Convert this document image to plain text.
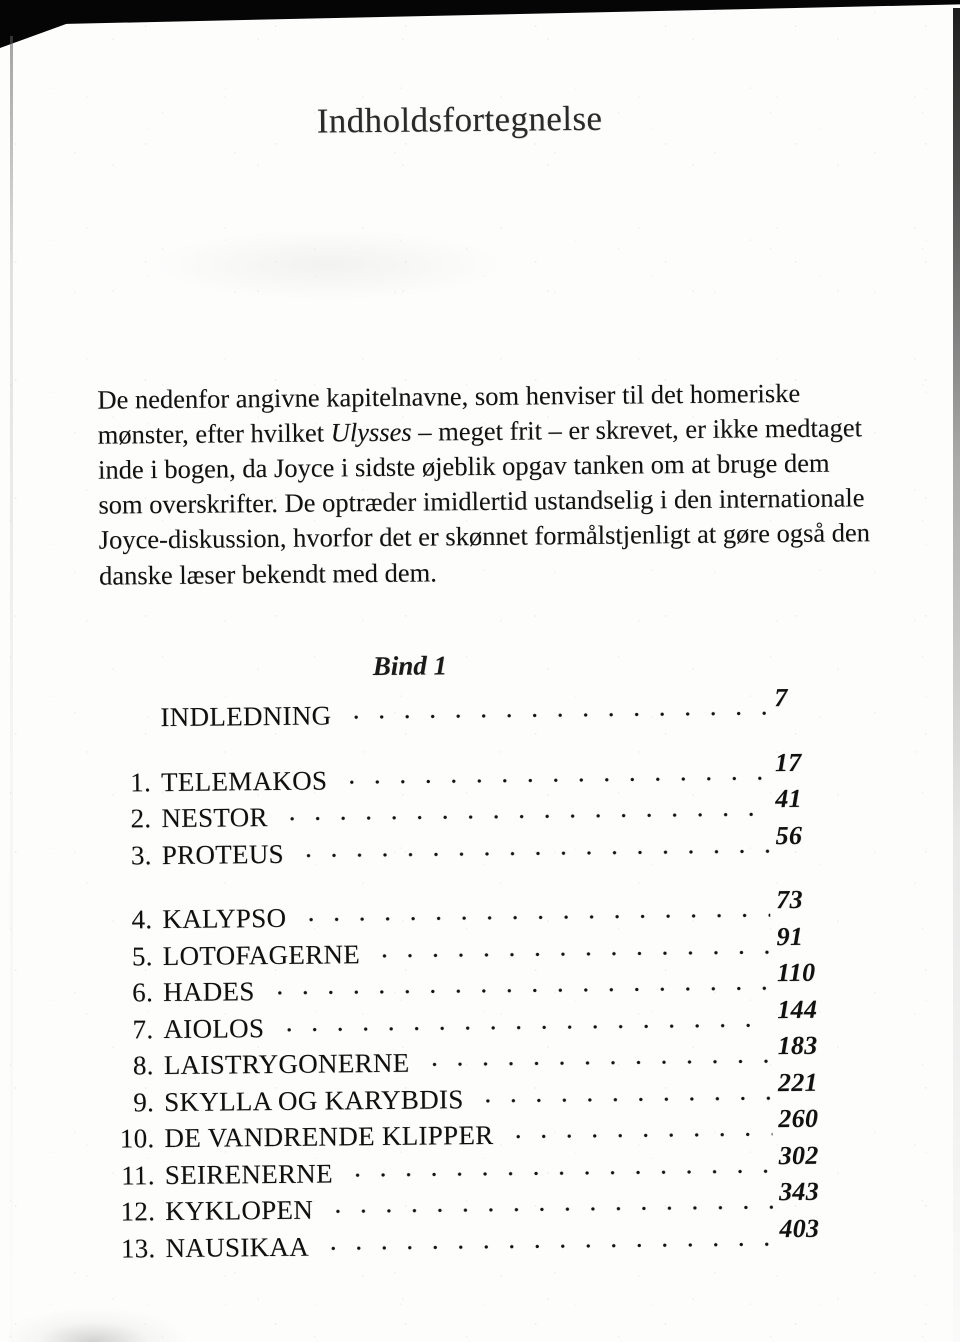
Indholdsfortegnelse

De nedenfor angivne kapitelnavne, som henviser til det homeriske mønster, efter hvilket Ulysses – meget frit – er skrevet, er ikke medtaget inde i bogen, da Joyce i sidste øjeblik opgav tanken om at bruge dem som overskrifter. De optræder imidlertid ustandselig i den internationale Joyce-diskussion, hvorfor det er skønnet formålstjenligt at gøre også den danske læser bekendt med dem.

Bind 1
INDLEDNING
7
1. TELEMAKOS
17
2. NESTOR
41
3. PROTEUS
56
4. KALYPSO
73
5. LOTOFAGERNE
91
6. HADES
110
7. AIOLOS
144
8. LAISTRYGONERNE
183
9. SKYLLA OG KARYBDIS
221
10. DE VANDRENDE KLIPPER
260
11. SEIRENERNE
302
12. KYKLOPEN
343
13. NAUSIKAA
403
